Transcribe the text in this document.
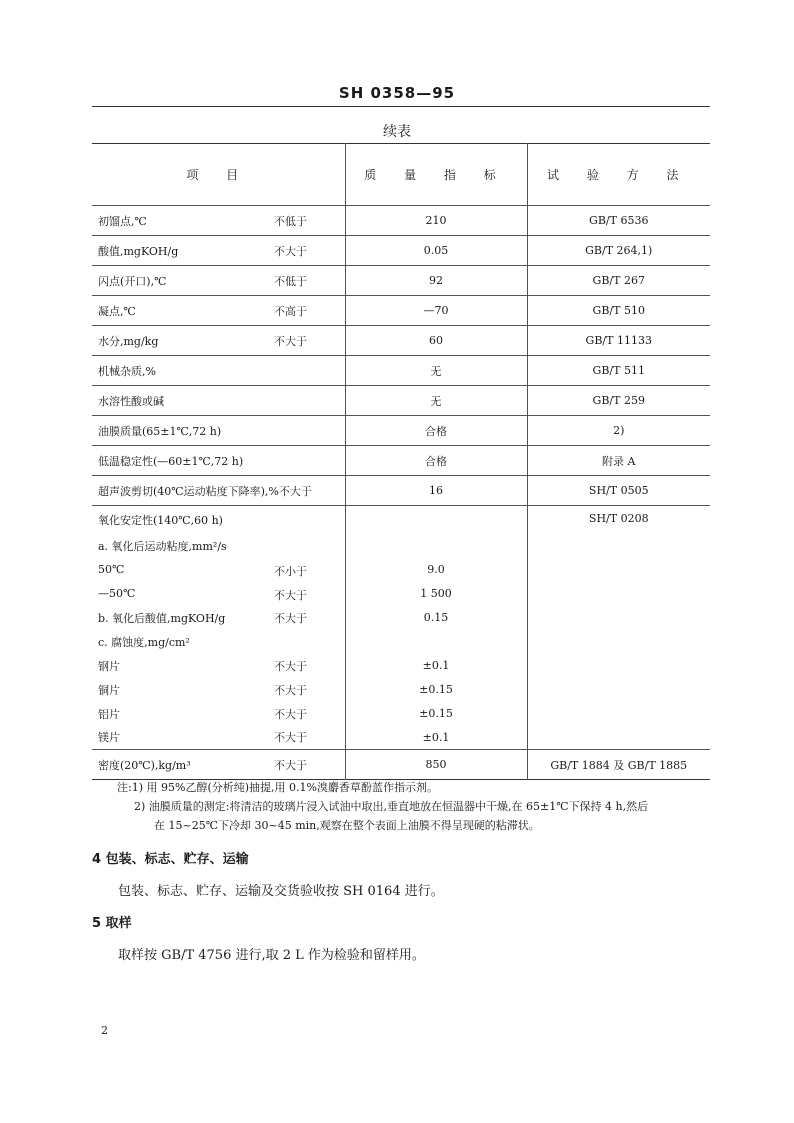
SH 0358—95
续表
项 目	质 量 指 标	试 验 方 法

初馏点,℃ 不低于	210	GB/T 6536

酸值,mgKOH/g 不大于	0.05	GB/T 264,1)

闪点(开口),℃ 不低于	92	GB/T 267

凝点,℃ 不高于	—70	GB/T 510

水分,mg/kg 不大于	60	GB/T 11133

机械杂质,%	无	GB/T 511

水溶性酸或碱	无	GB/T 259

油膜质量(65±1℃,72 h)	合格	2)

低温稳定性(—60±1℃,72 h)	合格	附录 A

超声波剪切(40℃运动粘度下降率),%不大于	16	SH/T 0505
氧化安定性(140℃,60 h)		SH/T 0208
a. 氧化后运动粘度,mm²/s		

50℃ 不小于	9.0	

—50℃ 不大于	1 500	

b. 氧化后酸值,mgKOH/g 不大于	0.15	
c. 腐蚀度,mg/cm²		

钢片 不大于	±0.1	

铜片 不大于	±0.15	

铝片 不大于	±0.15	

镁片 不大于	±0.1	

密度(20℃),kg/m³ 不大于	850	GB/T 1884 及 GB/T 1885
注:1) 用 95%乙醇(分析纯)抽提,用 0.1%溴麝香草酚蓝作指示剂。
2) 油膜质量的测定:将清洁的玻璃片浸入试油中取出,垂直地放在恒温器中干燥,在 65±1℃下保持 4 h,然后
在 15~25℃下冷却 30~45 min,观察在整个表面上油膜不得呈现硬的粘滞状。
4 包装、标志、贮存、运输
包装、标志、贮存、运输及交货验收按 SH 0164 进行。
5 取样
取样按 GB/T 4756 进行,取 2 L 作为检验和留样用。
2
